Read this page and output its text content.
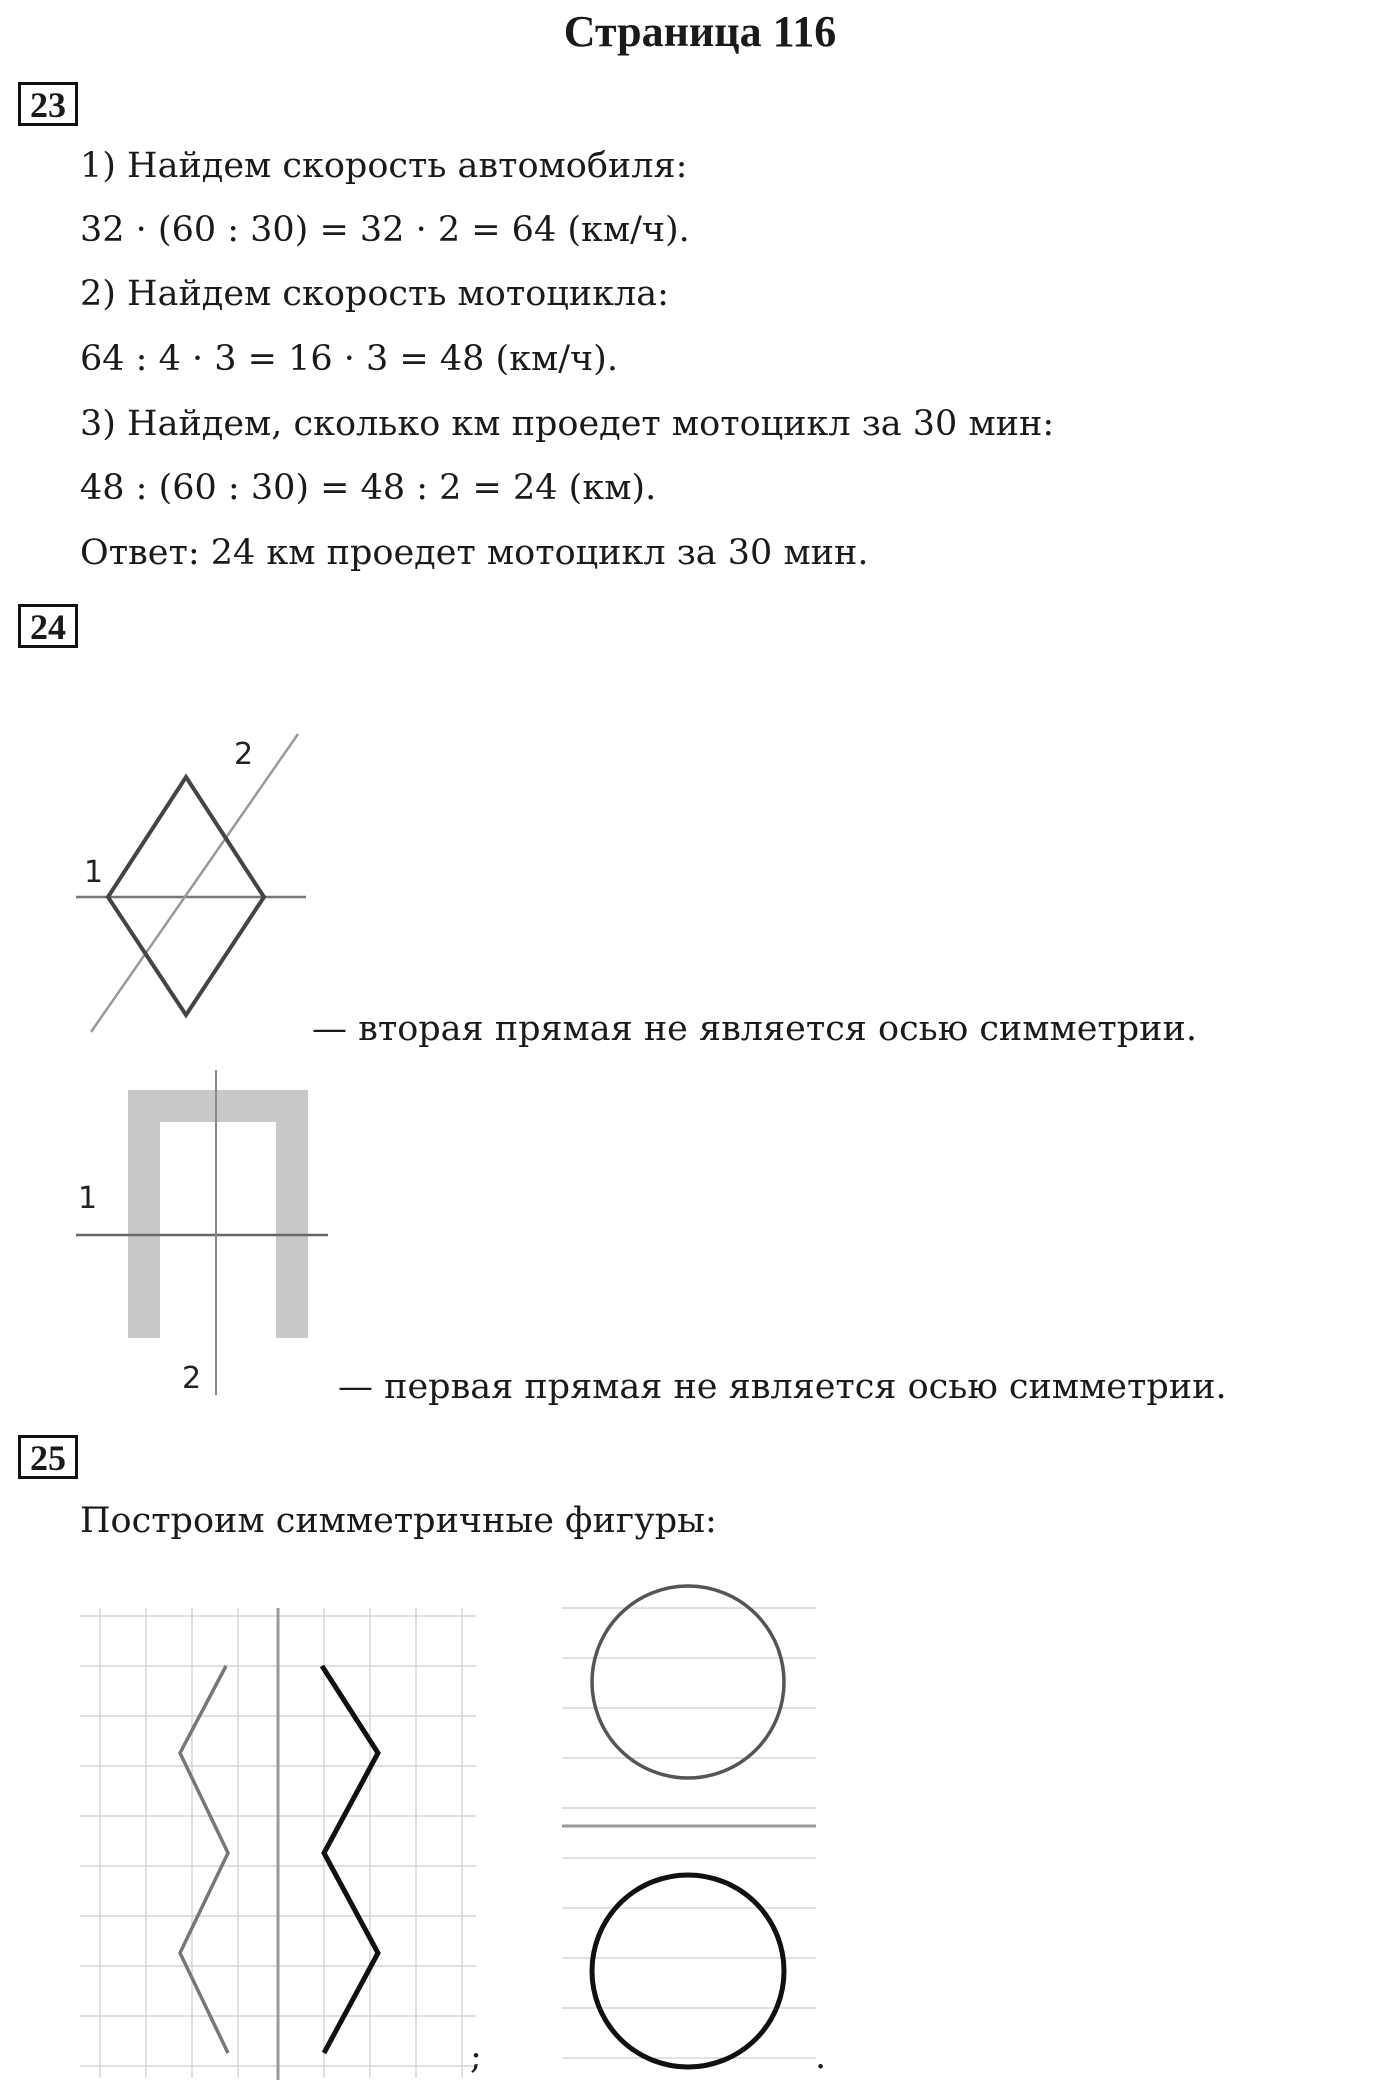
Страница 116
23
1) Найдем скорость автомобиля:
32 · (60 : 30) = 32 · 2 = 64 (км/ч).
2) Найдем скорость мотоцикла:
64 : 4 · 3 = 16 · 3 = 48 (км/ч).
3) Найдем, сколько км проедет мотоцикл за 30 мин:
48 : (60 : 30) = 48 : 2 = 24 (км).
Ответ: 24 км проедет мотоцикл за 30 мин.
24
1
2
— вторая прямая не является осью симметрии.
1
2	— первая прямая не является осью симметрии.
25
Построим симметричные фигуры:
;	.
